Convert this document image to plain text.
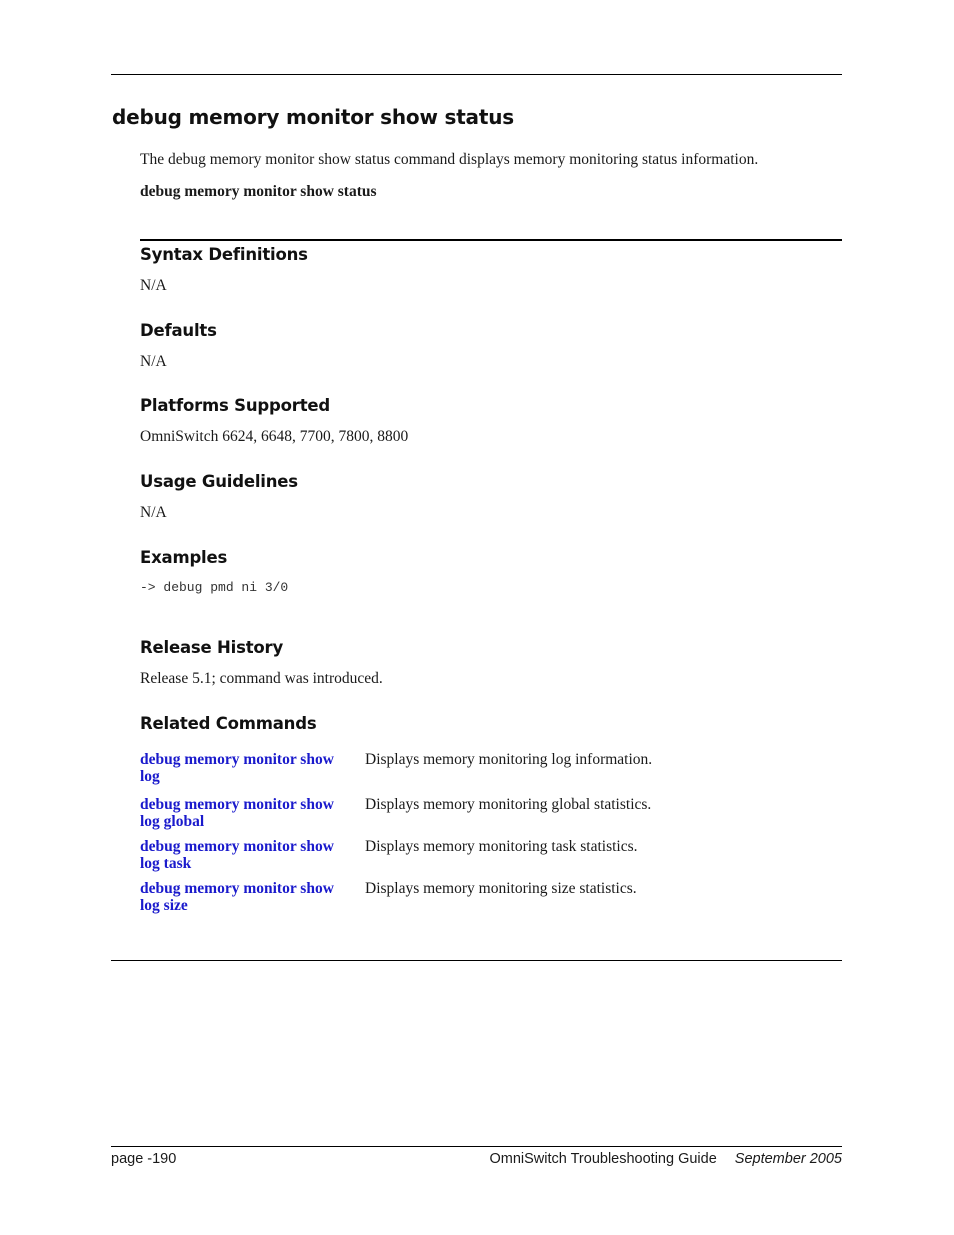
debug memory monitor show status

The debug memory monitor show status command displays memory monitoring status information.

debug memory monitor show status

Syntax Definitions

N/A

Defaults

N/A

Platforms Supported

OmniSwitch 6624, 6648, 7700, 7800, 8800

Usage Guidelines

N/A

Examples

-> debug pmd ni 3/0

Release History

Release 5.1; command was introduced.

Related Commands
debug memory monitor show
log
Displays memory monitoring log information.
debug memory monitor show
log global
Displays memory monitoring global statistics.
debug memory monitor show
log task
Displays memory monitoring task statistics.
debug memory monitor show
log size
Displays memory monitoring size statistics.
page -190	OmniSwitch Troubleshooting Guide September 2005
